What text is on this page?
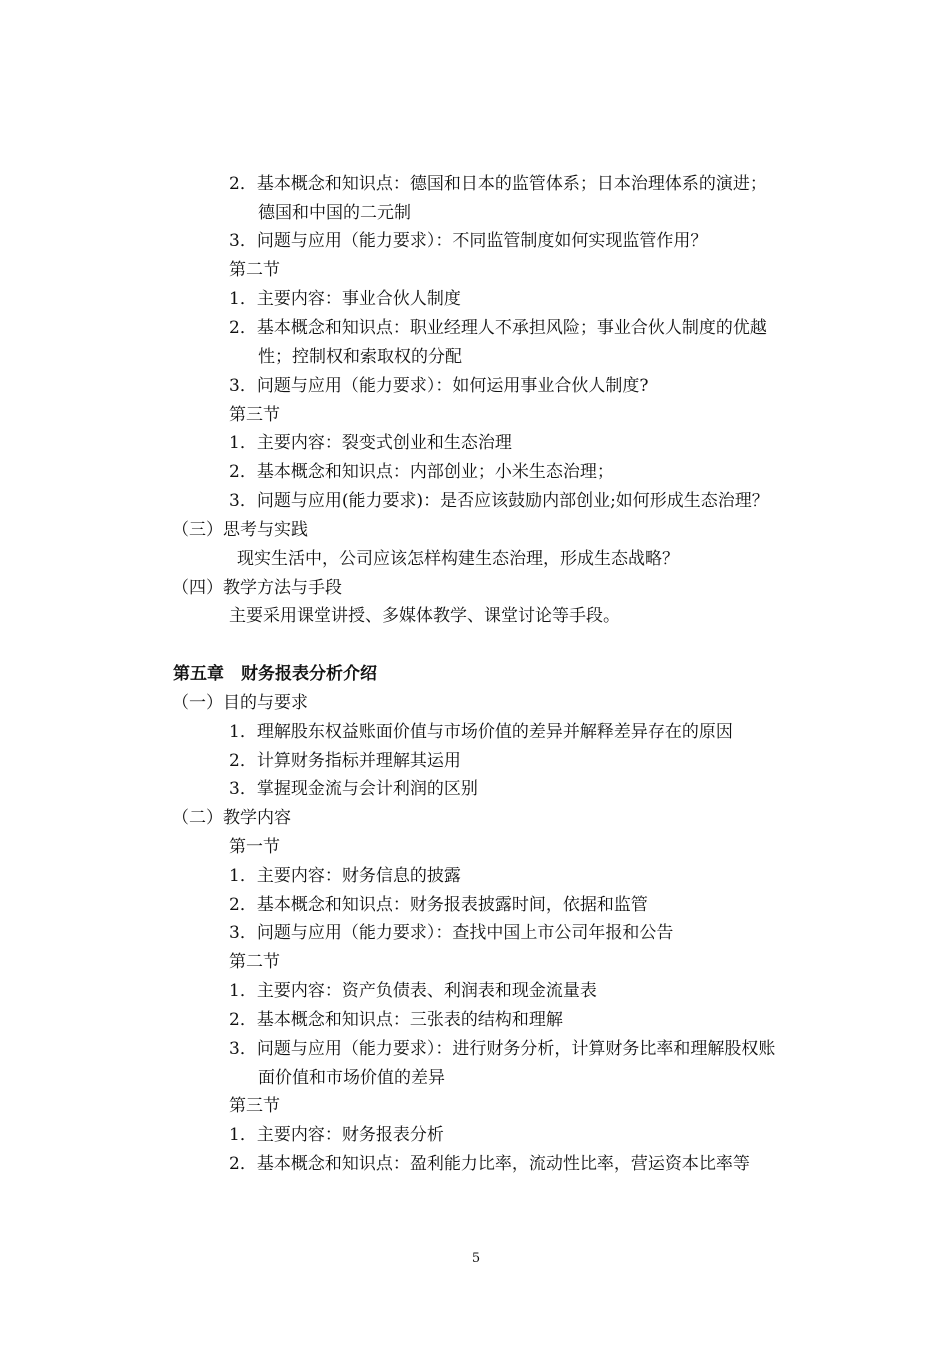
2．基本概念和知识点：德国和日本的监管体系；日本治理体系的演进；

德国和中国的二元制

3．问题与应用（能力要求）：不同监管制度如何实现监管作用？

第二节

1．主要内容：事业合伙人制度

2．基本概念和知识点：职业经理人不承担风险；事业合伙人制度的优越

性；控制权和索取权的分配

3．问题与应用（能力要求）：如何运用事业合伙人制度?

第三节

1．主要内容：裂变式创业和生态治理

2．基本概念和知识点：内部创业；小米生态治理；

3．问题与应用(能力要求)：是否应该鼓励内部创业;如何形成生态治理？

（三）思考与实践

现实生活中，公司应该怎样构建生态治理，形成生态战略？

（四）教学方法与手段

主要采用课堂讲授、多媒体教学、课堂讨论等手段。

第五章　财务报表分析介绍

（一）目的与要求

1．理解股东权益账面价值与市场价值的差异并解释差异存在的原因

2．计算财务指标并理解其运用

3．掌握现金流与会计利润的区别

（二）教学内容

第一节

1．主要内容：财务信息的披露

2．基本概念和知识点：财务报表披露时间，依据和监管

3．问题与应用（能力要求）：查找中国上市公司年报和公告

第二节

1．主要内容：资产负债表、利润表和现金流量表

2．基本概念和知识点：三张表的结构和理解

3．问题与应用（能力要求）：进行财务分析，计算财务比率和理解股权账

面价值和市场价值的差异

第三节

1．主要内容：财务报表分析

2．基本概念和知识点：盈利能力比率，流动性比率，营运资本比率等

5
